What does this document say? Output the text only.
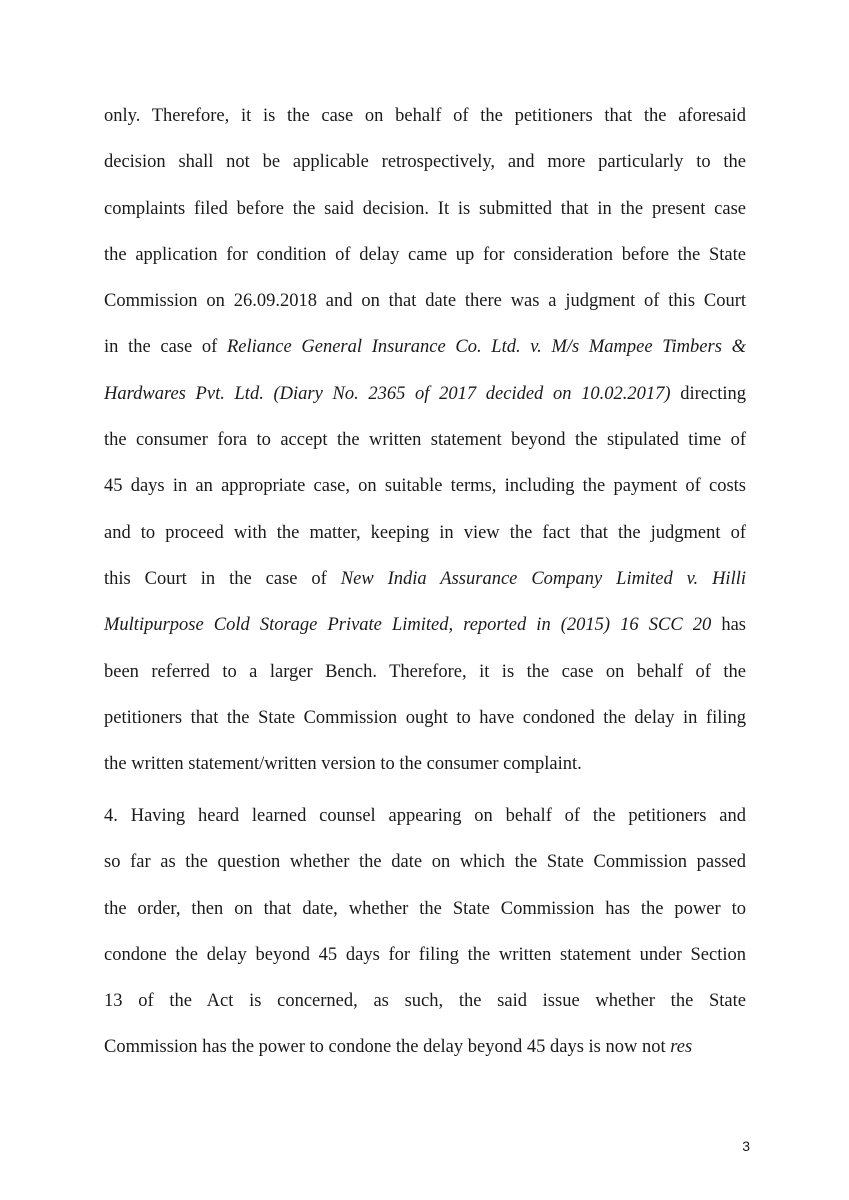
only. Therefore, it is the case on behalf of the petitioners that the aforesaid
decision shall not be applicable retrospectively, and more particularly to the
complaints filed before the said decision. It is submitted that in the present case
the application for condition of delay came up for consideration before the State
Commission on 26.09.2018 and on that date there was a judgment of this Court
in the case of Reliance General Insurance Co. Ltd. v. M/s Mampee Timbers &
Hardwares Pvt. Ltd. (Diary No. 2365 of 2017 decided on 10.02.2017) directing
the consumer fora to accept the written statement beyond the stipulated time of
45 days in an appropriate case, on suitable terms, including the payment of costs
and to proceed with the matter, keeping in view the fact that the judgment of
this Court in the case of New India Assurance Company Limited v. Hilli
Multipurpose Cold Storage Private Limited, reported in (2015) 16 SCC 20 has
been referred to a larger Bench. Therefore, it is the case on behalf of the
petitioners that the State Commission ought to have condoned the delay in filing
the written statement/written version to the consumer complaint.
4. Having heard learned counsel appearing on behalf of the petitioners and
so far as the question whether the date on which the State Commission passed
the order, then on that date, whether the State Commission has the power to
condone the delay beyond 45 days for filing the written statement under Section
13 of the Act is concerned, as such, the said issue whether the State
Commission has the power to condone the delay beyond 45 days is now not res
3
